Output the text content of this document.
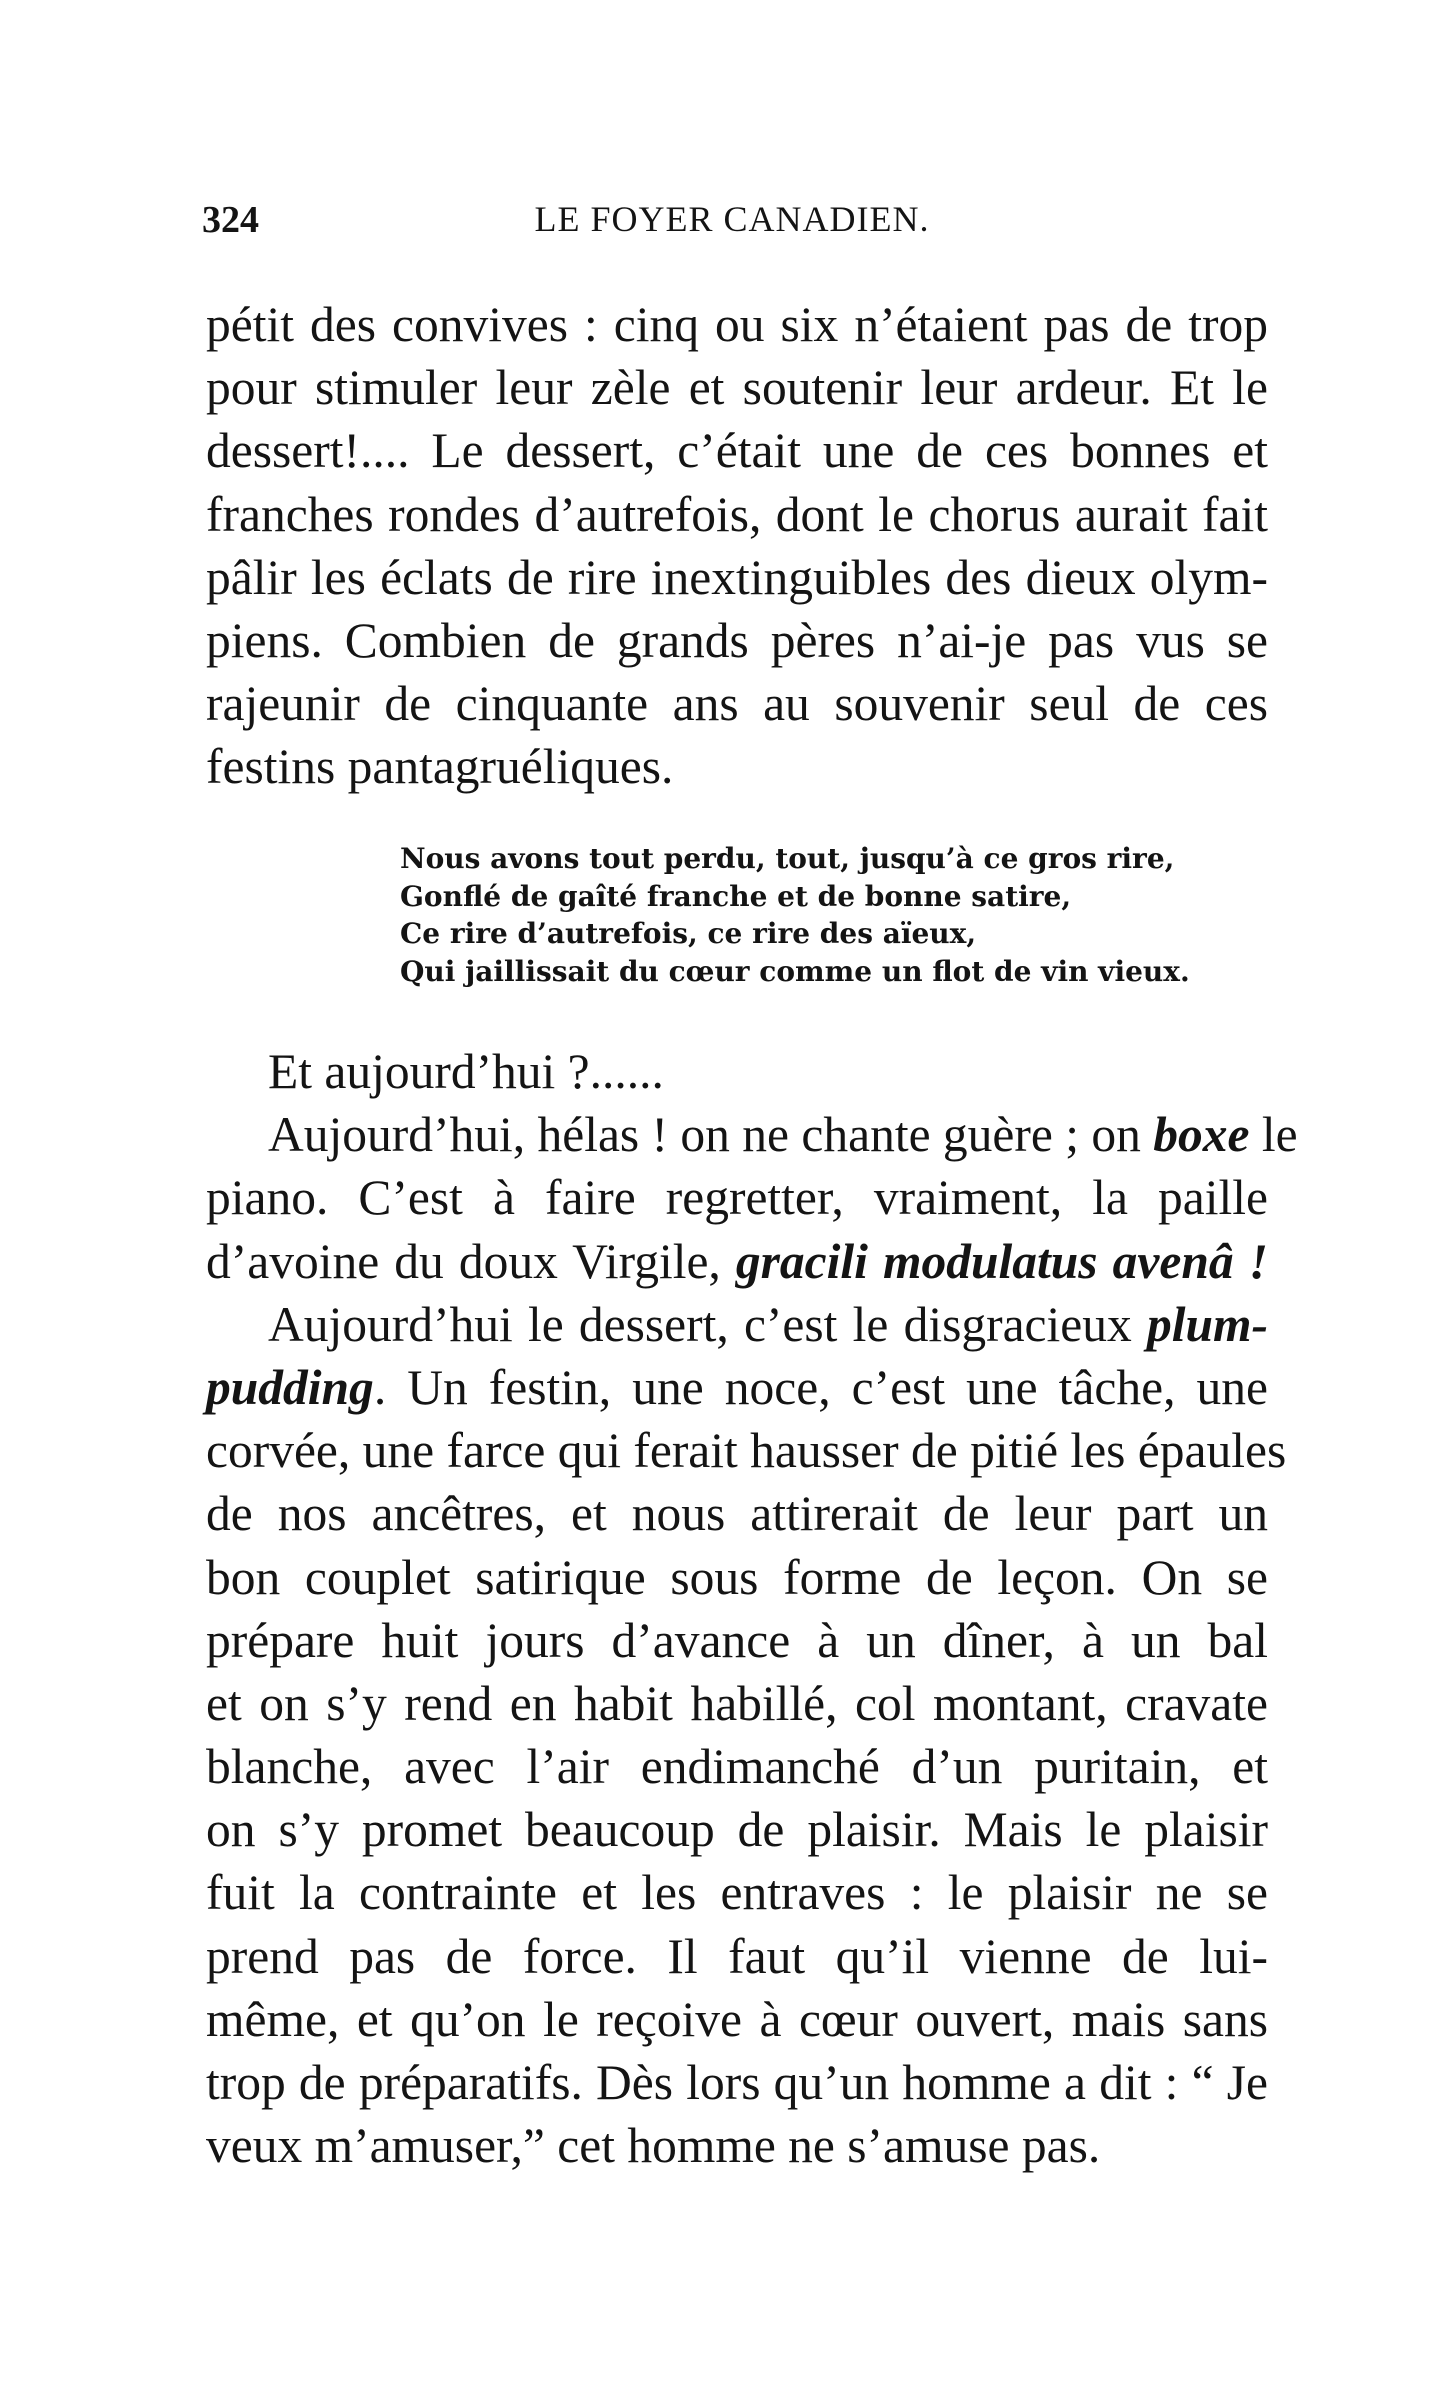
324	LE FOYER CANADIEN.
pétit des convives : cinq ou six n’étaient pas de trop
pour stimuler leur zèle et soutenir leur ardeur. Et le
dessert!.... Le dessert, c’était une de ces bonnes et
franches rondes d’autrefois, dont le chorus aurait fait
pâlir les éclats de rire inextinguibles des dieux olym-
piens. Combien de grands pères n’ai-je pas vus se
rajeunir de cinquante ans au souvenir seul de ces
festins pantagruéliques.
Nous avons tout perdu, tout, jusqu’à ce gros rire,
Gonflé de gaîté franche et de bonne satire,
Ce rire d’autrefois, ce rire des aïeux,
Qui jaillissait du cœur comme un flot de vin vieux.
Et aujourd’hui ?......
Aujourd’hui, hélas ! on ne chante guère ; on boxe le
piano. C’est à faire regretter, vraiment, la paille
d’avoine du doux Virgile, gracili modulatus avenâ !
Aujourd’hui le dessert, c’est le disgracieux plum-
pudding. Un festin, une noce, c’est une tâche, une
corvée, une farce qui ferait hausser de pitié les épaules
de nos ancêtres, et nous attirerait de leur part un
bon couplet satirique sous forme de leçon. On se
prépare huit jours d’avance à un dîner, à un bal
et on s’y rend en habit habillé, col montant, cravate
blanche, avec l’air endimanché d’un puritain, et
on s’y promet beaucoup de plaisir. Mais le plaisir
fuit la contrainte et les entraves : le plaisir ne se
prend pas de force. Il faut qu’il vienne de lui-
même, et qu’on le reçoive à cœur ouvert, mais sans
trop de préparatifs. Dès lors qu’un homme a dit : “ Je
veux m’amuser,” cet homme ne s’amuse pas.
